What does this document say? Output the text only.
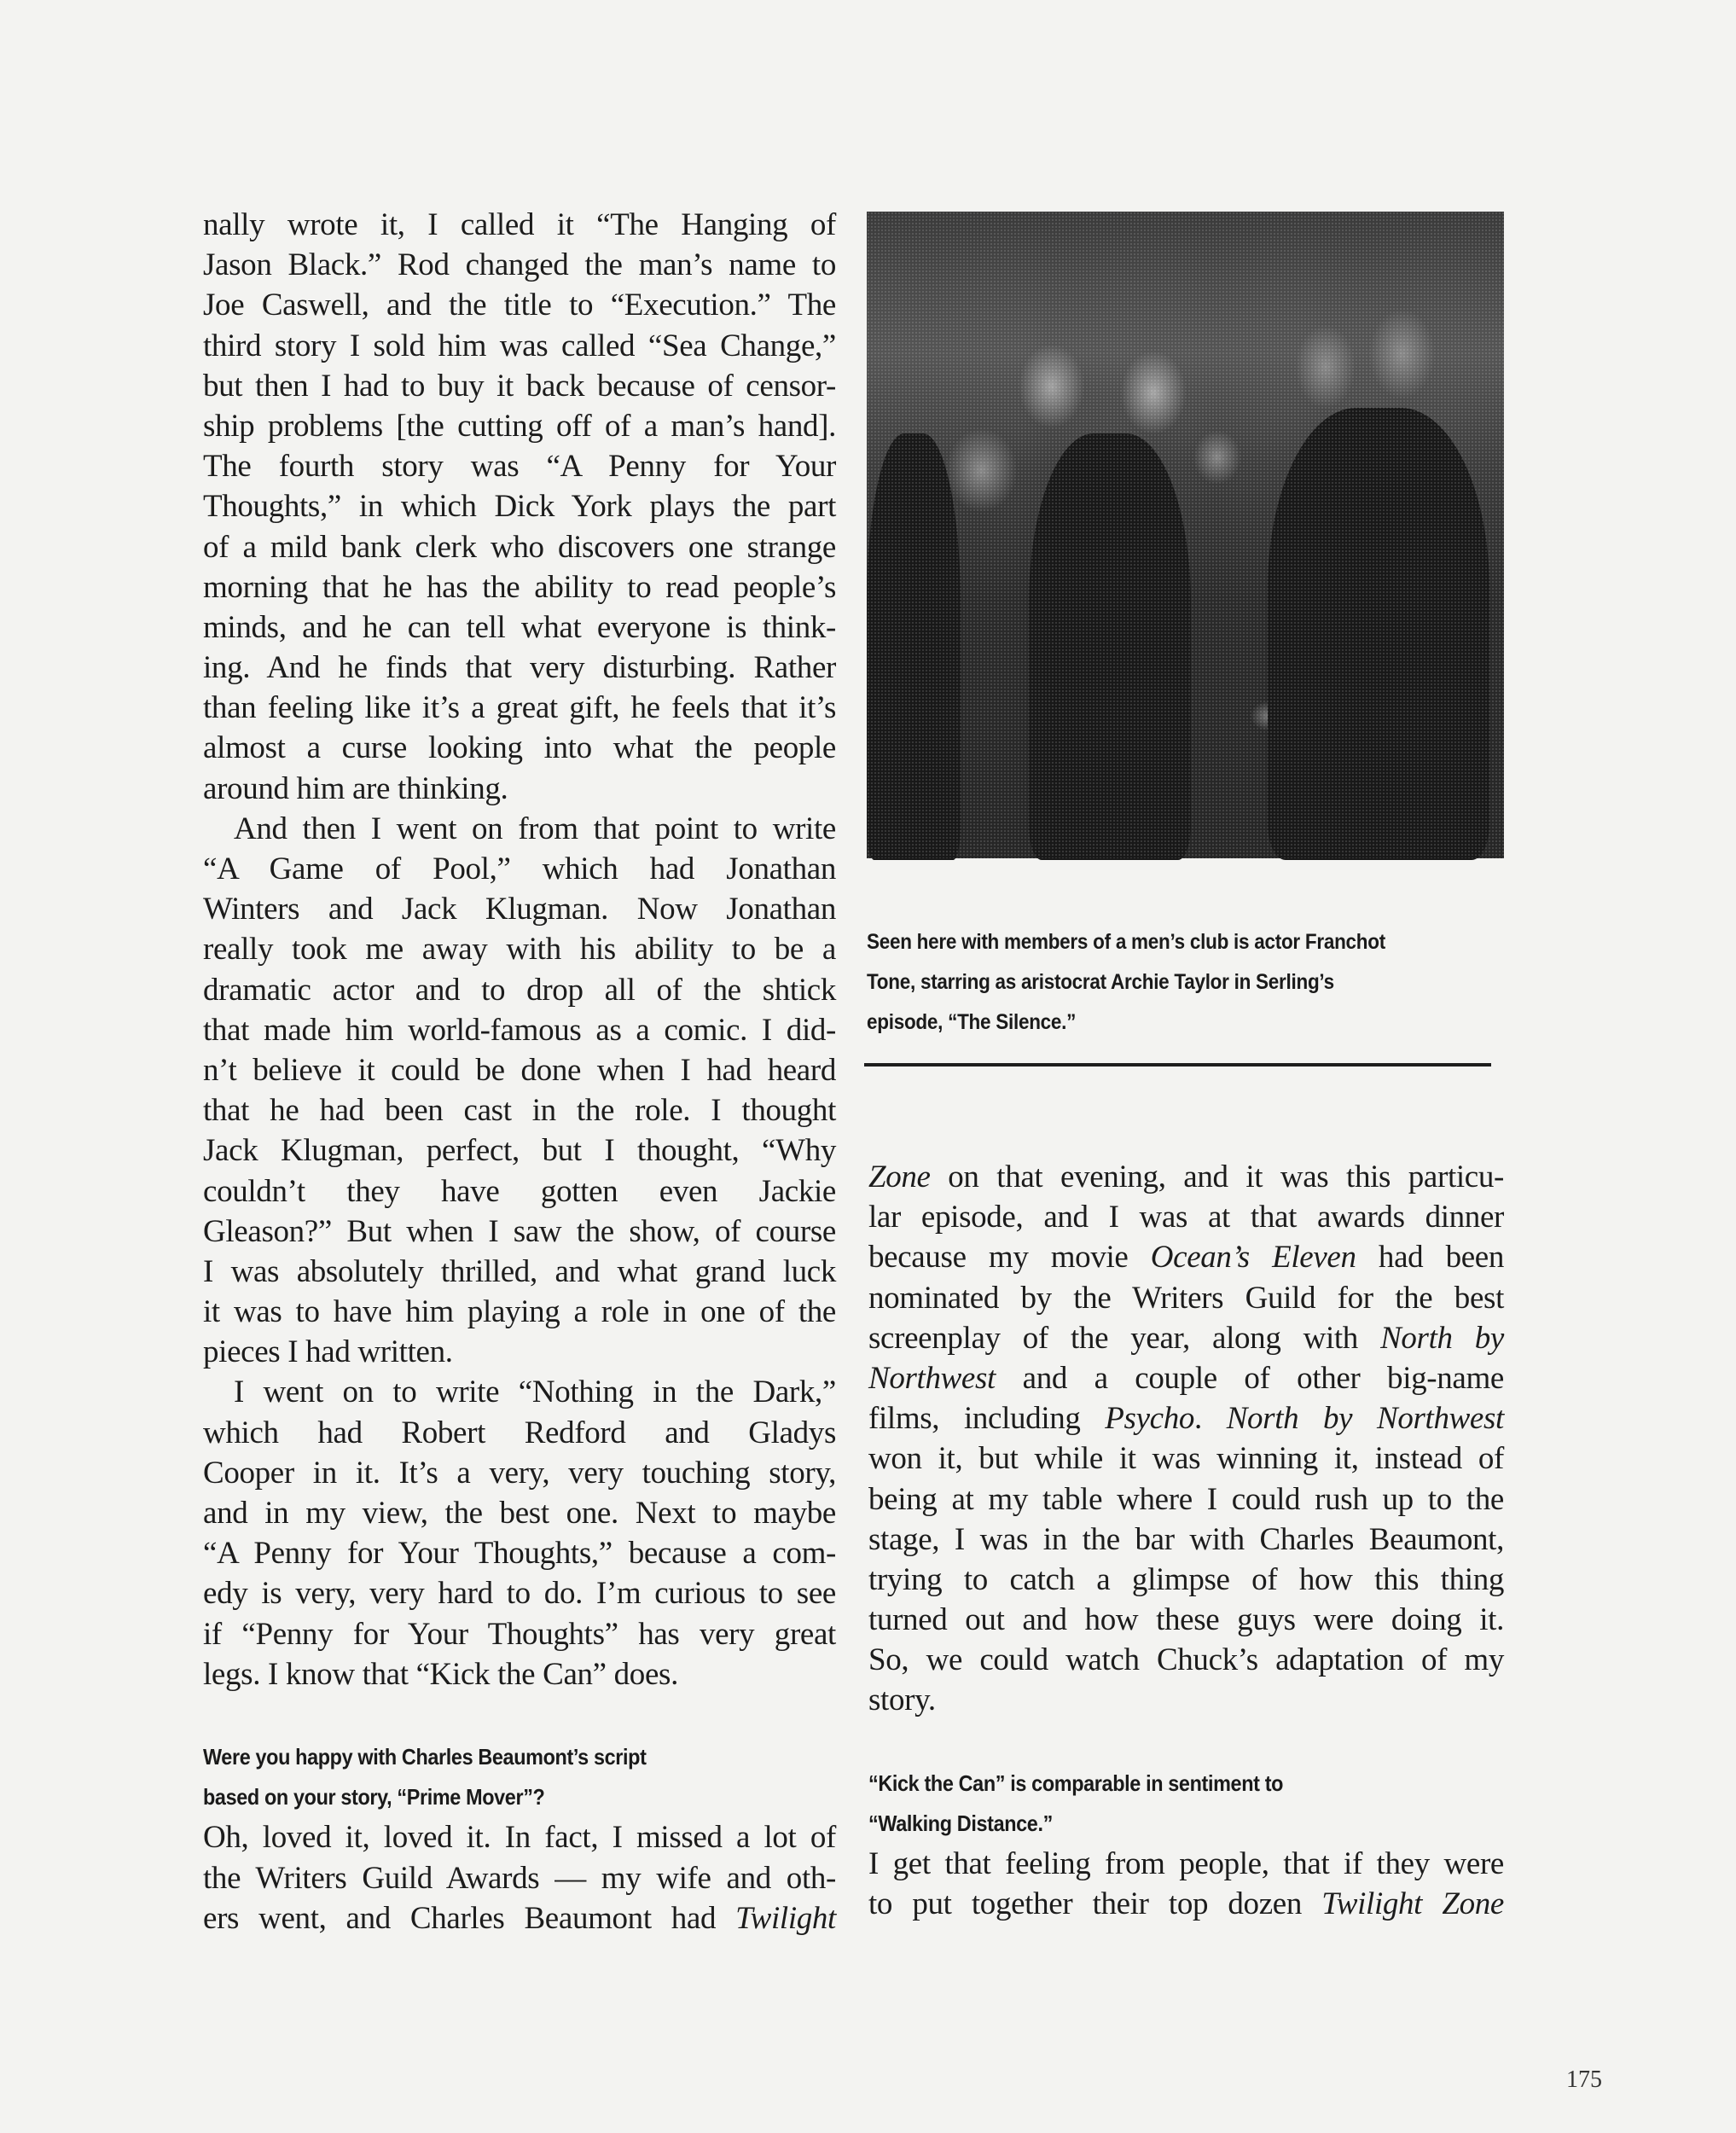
nally wrote it, I called it “The Hanging of
Jason Black.” Rod changed the man’s name to
Joe Caswell, and the title to “Execution.” The
third story I sold him was called “Sea Change,”
but then I had to buy it back because of censor-
ship problems [the cutting off of a man’s hand].
The fourth story was “A Penny for Your
Thoughts,” in which Dick York plays the part
of a mild bank clerk who discovers one strange
morning that he has the ability to read people’s
minds, and he can tell what everyone is think-
ing. And he finds that very disturbing. Rather
than feeling like it’s a great gift, he feels that it’s
almost a curse looking into what the people
around him are thinking.
And then I went on from that point to write
“A Game of Pool,” which had Jonathan
Winters and Jack Klugman. Now Jonathan
really took me away with his ability to be a
dramatic actor and to drop all of the shtick
that made him world-famous as a comic. I did-
n’t believe it could be done when I had heard
that he had been cast in the role. I thought
Jack Klugman, perfect, but I thought, “Why
couldn’t they have gotten even Jackie
Gleason?” But when I saw the show, of course
I was absolutely thrilled, and what grand luck
it was to have him playing a role in one of the
pieces I had written.
I went on to write “Nothing in the Dark,”
which had Robert Redford and Gladys
Cooper in it. It’s a very, very touching story,
and in my view, the best one. Next to maybe
“A Penny for Your Thoughts,” because a com-
edy is very, very hard to do. I’m curious to see
if “Penny for Your Thoughts” has very great
legs. I know that “Kick the Can” does.
Were you happy with Charles Beaumont’s script
based on your story, “Prime Mover”?
Oh, loved it, loved it. In fact, I missed a lot of
the Writers Guild Awards — my wife and oth-
ers went, and Charles Beaumont had Twilight
Seen here with members of a men’s club is actor Franchot
Tone, starring as aristocrat Archie Taylor in Serling’s
episode, “The Silence.”
Zone on that evening, and it was this particu-
lar episode, and I was at that awards dinner
because my movie Ocean’s Eleven had been
nominated by the Writers Guild for the best
screenplay of the year, along with North by
Northwest and a couple of other big-name
films, including Psycho. North by Northwest
won it, but while it was winning it, instead of
being at my table where I could rush up to the
stage, I was in the bar with Charles Beaumont,
trying to catch a glimpse of how this thing
turned out and how these guys were doing it.
So, we could watch Chuck’s adaptation of my
story.
“Kick the Can” is comparable in sentiment to
“Walking Distance.”
I get that feeling from people, that if they were
to put together their top dozen Twilight Zone
175
